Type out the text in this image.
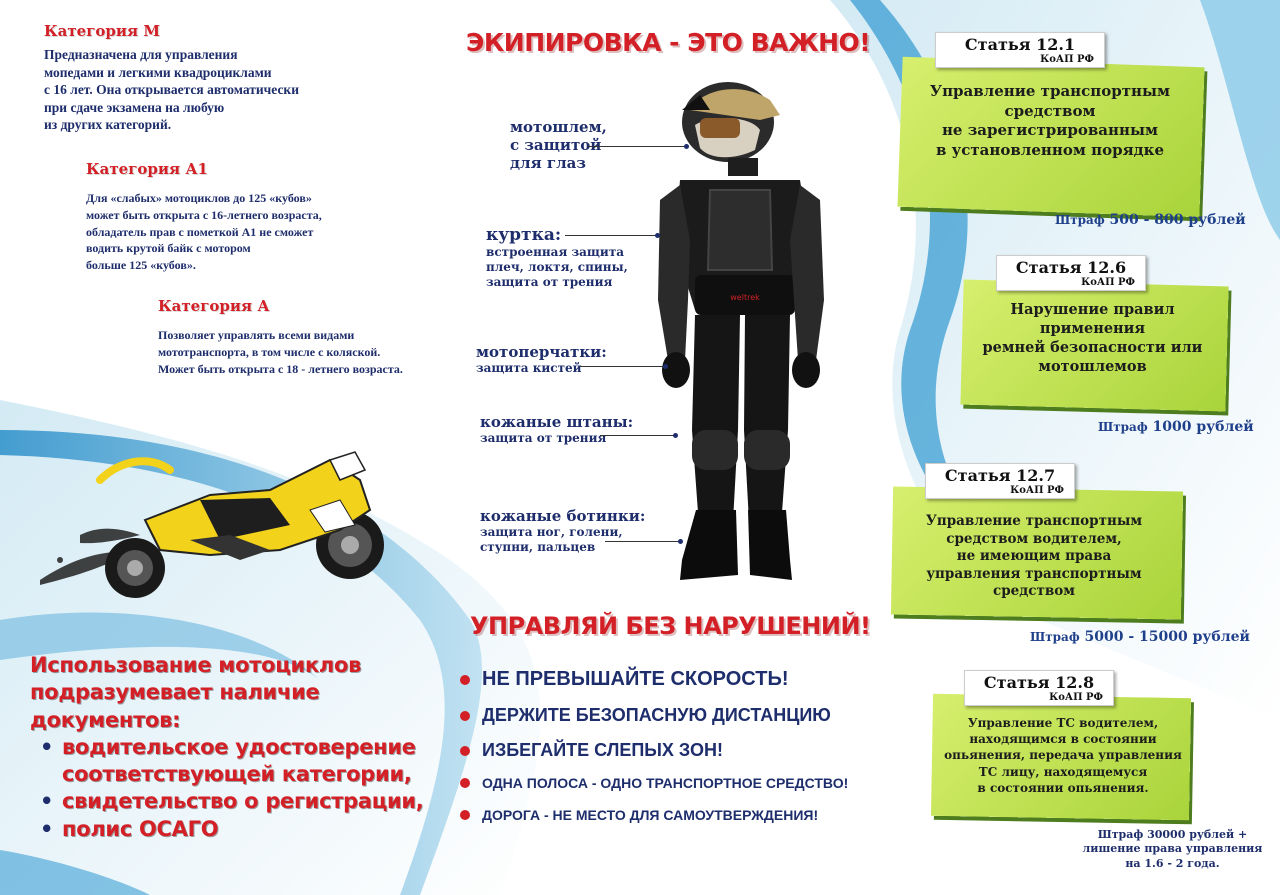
Категория М
Предназначена для управления
мопедами и легкими квадроциклами
с 16 лет. Она открывается автоматически
при сдаче экзамена на любую
из других категорий.
Категория А1
Для «слабых» мотоциклов до 125 «кубов»
может быть открыта с 16-летнего возраста,
обладатель прав с пометкой А1 не сможет
водить крутой байк с мотором
больше 125 «кубов».
Категория А
Позволяет управлять всеми видами
мототранспорта, в том числе с коляской.
Может быть открыта с 18 - летнего возраста.
ЭКИПИРОВКА - ЭТО ВАЖНО!
weltrek
мотошлем,
с защитой
для глаз
куртка:
встроенная защита
плеч, локтя, спины,
защита от трения
мотоперчатки:
защита кистей
кожаные штаны:
защита от трения
кожаные ботинки:
защита ног, голени,
ступни, пальцев
УПРАВЛЯЙ БЕЗ НАРУШЕНИЙ!
НЕ ПРЕВЫШАЙТЕ СКОРОСТЬ!
ДЕРЖИТЕ БЕЗОПАСНУЮ ДИСТАНЦИЮ
ИЗБЕГАЙТЕ СЛЕПЫХ ЗОН!
ОДНА ПОЛОСА - ОДНО ТРАНСПОРТНОЕ СРЕДСТВО!
ДОРОГА - НЕ МЕСТО ДЛЯ САМОУТВЕРЖДЕНИЯ!
Использование мотоциклов подразумевает наличие документов:
• водительское удостоверение соответствующей категории,
• свидетельство о регистрации,
• полис ОСАГО
Статья 12.1
КоАП РФ
Управление транспортным
средством
не зарегистрированным
в установленном порядке
Штраф 500 - 800 рублей
Статья 12.6
КоАП РФ
Нарушение правил
применения
ремней безопасности или
мотошлемов
Штраф 1000 рублей
Статья 12.7
КоАП РФ
Управление транспортным
средством водителем,
не имеющим права
управления транспортным
средством
Штраф 5000 - 15000 рублей
Статья 12.8
КоАП РФ
Управление ТС водителем,
находящимся в состоянии
опьянения, передача управления
ТС лицу, находящемуся
в состоянии опьянения.
Штраф 30000 рублей +
лишение права управления
на 1.6 - 2 года.
